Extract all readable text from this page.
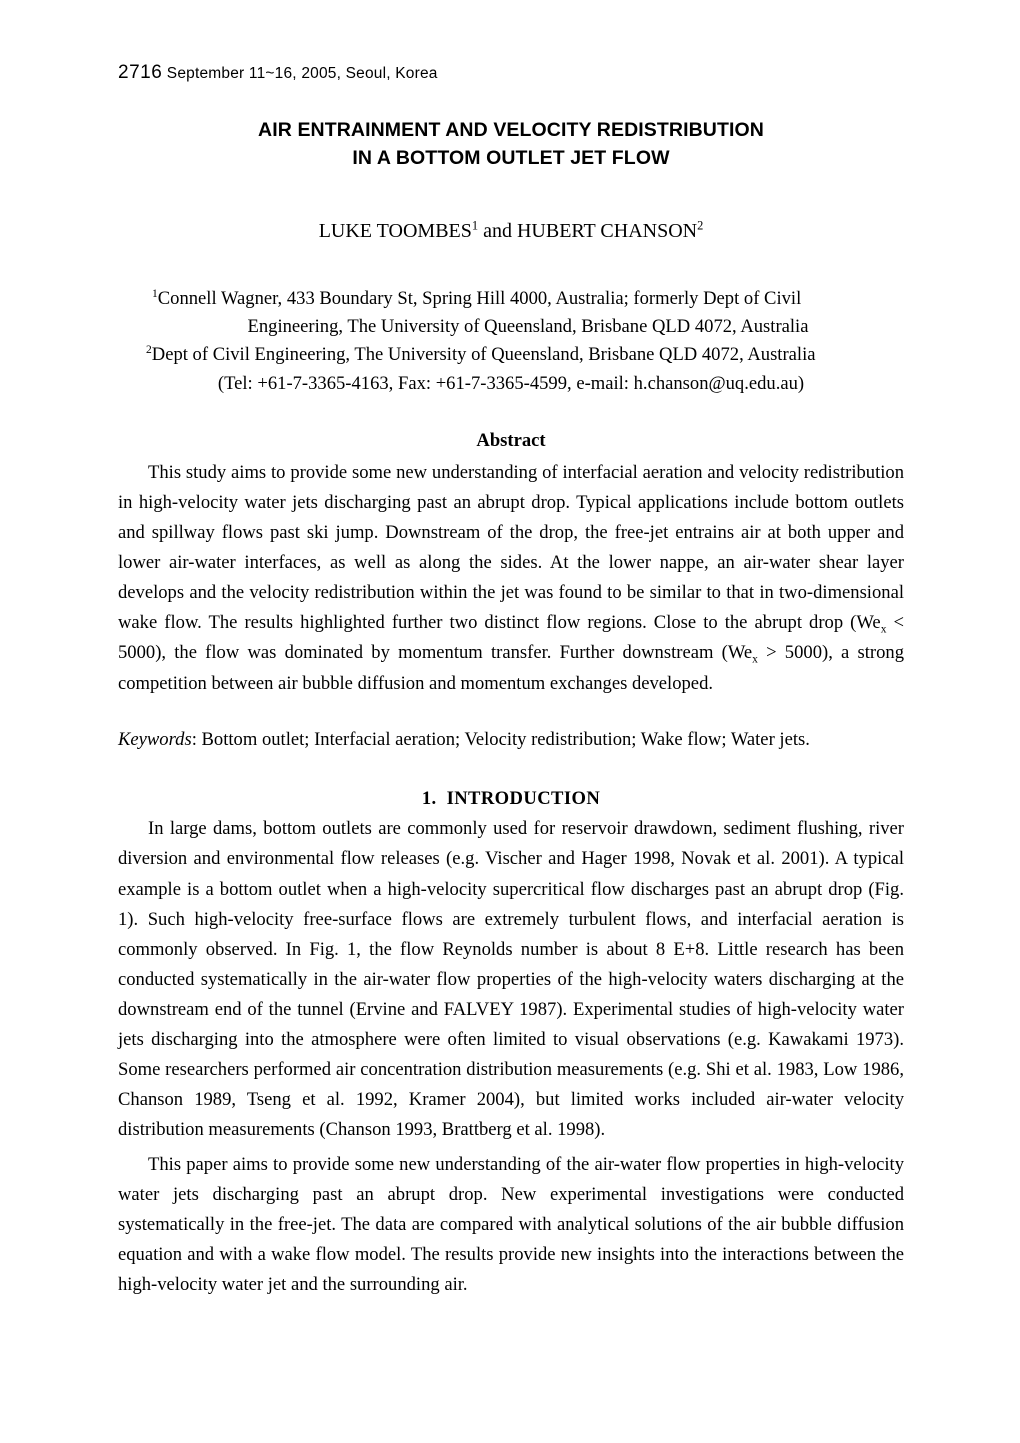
2716 September 11~16, 2005, Seoul, Korea
AIR ENTRAINMENT AND VELOCITY REDISTRIBUTION
IN A BOTTOM OUTLET JET FLOW
LUKE TOOMBES$^1$ and HUBERT CHANSON$^2$
$^1$Connell Wagner, 433 Boundary St, Spring Hill 4000, Australia; formerly Dept of Civil
Engineering, The University of Queensland, Brisbane QLD 4072, Australia
$^2$Dept of Civil Engineering, The University of Queensland, Brisbane QLD 4072, Australia
(Tel: +61-7-3365-4163, Fax: +61-7-3365-4599, e-mail: h.chanson@uq.edu.au)
Abstract
This study aims to provide some new understanding of interfacial aeration and velocity redistribution in high-velocity water jets discharging past an abrupt drop. Typical applications include bottom outlets and spillway flows past ski jump. Downstream of the drop, the free-jet entrains air at both upper and lower air-water interfaces, as well as along the sides. At the lower nappe, an air-water shear layer develops and the velocity redistribution within the jet was found to be similar to that in two-dimensional wake flow. The results highlighted further two distinct flow regions. Close to the abrupt drop $(We_x < 5000)$, the flow was dominated by momentum transfer. Further downstream $(We_x > 5000)$, a strong competition between air bubble diffusion and momentum exchanges developed.
Keywords: Bottom outlet; Interfacial aeration; Velocity redistribution; Wake flow; Water jets.
1. INTRODUCTION
In large dams, bottom outlets are commonly used for reservoir drawdown, sediment flushing, river diversion and environmental flow releases (e.g. Vischer and Hager 1998, Novak et al. 2001). A typical example is a bottom outlet when a high-velocity supercritical flow discharges past an abrupt drop (Fig. 1). Such high-velocity free-surface flows are extremely turbulent flows, and interfacial aeration is commonly observed. In Fig. 1, the flow Reynolds number is about 8 E+8. Little research has been conducted systematically in the air-water flow properties of the high-velocity waters discharging at the downstream end of the tunnel (Ervine and FALVEY 1987). Experimental studies of high-velocity water jets discharging into the atmosphere were often limited to visual observations (e.g. Kawakami 1973). Some researchers performed air concentration distribution measurements (e.g. Shi et al. 1983, Low 1986, Chanson 1989, Tseng et al. 1992, Kramer 2004), but limited works included air-water velocity distribution measurements (Chanson 1993, Brattberg et al. 1998).
This paper aims to provide some new understanding of the air-water flow properties in high-velocity water jets discharging past an abrupt drop. New experimental investigations were conducted systematically in the free-jet. The data are compared with analytical solutions of the air bubble diffusion equation and with a wake flow model. The results provide new insights into the interactions between the high-velocity water jet and the surrounding air.
